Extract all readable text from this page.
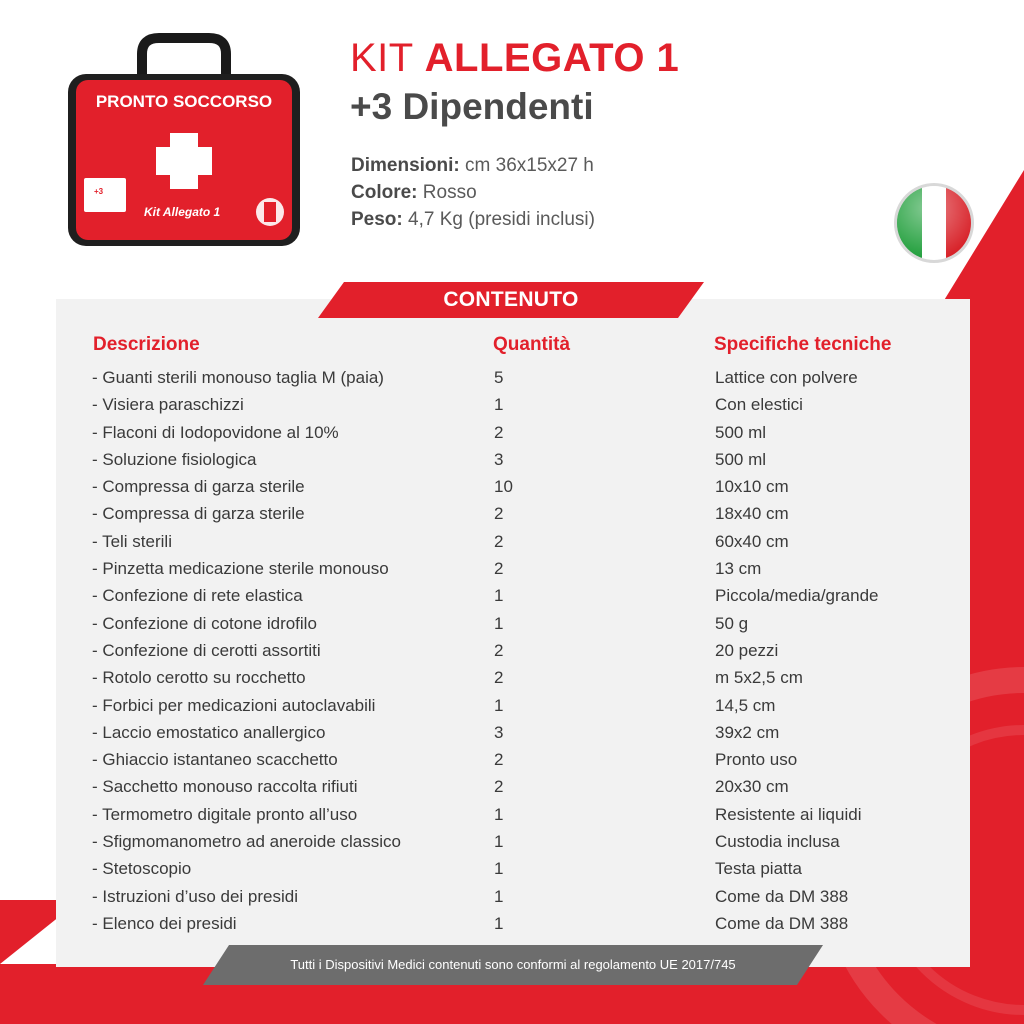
PRONTO SOCCORSO
+3
Kit Allegato 1
KIT ALLEGATO 1
+3 Dipendenti
Dimensioni: cm 36x15x27 h
Colore: Rosso
Peso: 4,7 Kg (presidi inclusi)
CONTENUTO
Descrizione	Quantità	Specifiche tecniche
- Guanti sterili monouso taglia M (paia)	5	Lattice con polvere
- Visiera paraschizzi	1	Con elestici
- Flaconi di Iodopovidone al 10%	2	500 ml
- Soluzione fisiologica	3	500 ml
- Compressa di garza sterile	10	10x10 cm
- Compressa di garza sterile	2	18x40 cm
- Teli sterili	2	60x40 cm
- Pinzetta medicazione sterile monouso	2	13 cm
- Confezione di rete elastica	1	Piccola/media/grande
- Confezione di cotone idrofilo	1	50 g
- Confezione di cerotti assortiti	2	20 pezzi
- Rotolo cerotto su rocchetto	2	m 5x2,5 cm
- Forbici per medicazioni autoclavabili	1	14,5 cm
- Laccio emostatico anallergico	3	39x2 cm
- Ghiaccio istantaneo scacchetto	2	Pronto uso
- Sacchetto monouso raccolta rifiuti	2	20x30 cm
- Termometro digitale pronto all’uso	1	Resistente ai liquidi
- Sfigmomanometro ad aneroide classico	1	Custodia inclusa
- Stetoscopio	1	Testa piatta
- Istruzioni d’uso dei presidi	1	Come da DM 388
- Elenco dei presidi	1	Come da DM 388
Tutti i Dispositivi Medici contenuti sono conformi al regolamento UE 2017/745
